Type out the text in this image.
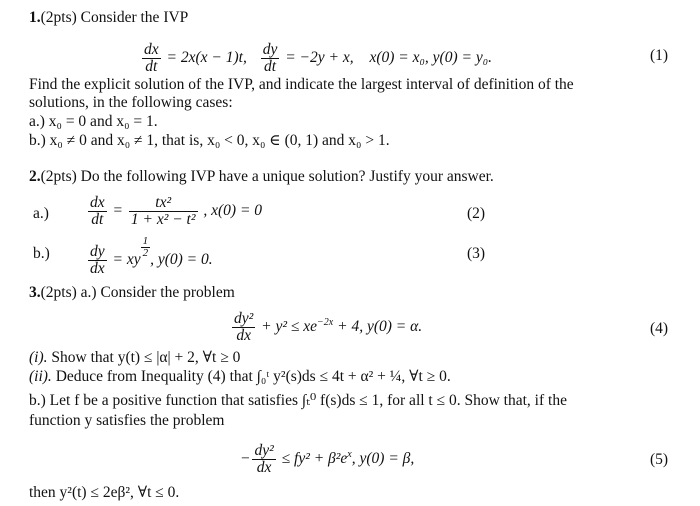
1.(2pts) Consider the IVP
$\frac{dx}{dt} = 2x(x - 1)t$, $\frac{dy}{dt} = -2y + x$, x(0) = x₀, y(0) = y₀.	(1)
Find the explicit solution of the IVP, and indicate the largest interval of definition of the
solutions, in the following cases:
a.) x₀ = 0 and x₀ = 1.
b.) x₀ ≠ 0 and x₀ ≠ 1, that is, x₀ < 0, x₀ ∈ (0, 1) and x₀ > 1.
2.(2pts) Do the following IVP have a unique solution? Justify your answer.
a.)	$\frac{dx}{dt} = \frac{\text{tx²}}{\text{1 + x² − t²}}$ , x(0) = 0	(2)
$b.) \frac{dy}{dx}$ = xy
$\frac{1}{2}$
, y(0) = 0.	(3)
3.(2pts) a.) Consider the problem
$\frac{\text{dy²}}{dx} + y^2 \le xe^{-2x} + 4$, y(0) = α.	(4)
(i). Show that y(t) ≤ |α| + 2, ∀t ≥ 0
(ii). Deduce from Inequality (4) that ∫₀ᵗ y²(s)ds ≤ 4t + α² + ¼, ∀t ≥ 0.
b.) Let f be a positive function that satisfies ∫ₜ⁰ f(s)ds ≤ 1, for all t ≤ 0. Show that, if the
function y satisfies the problem
− $\frac{\text{dy²}}{dx} \le fy^2 + \beta^2e^x$, y(0) = β,	(5)
then y²(t) ≤ 2eβ², ∀t ≤ 0.
